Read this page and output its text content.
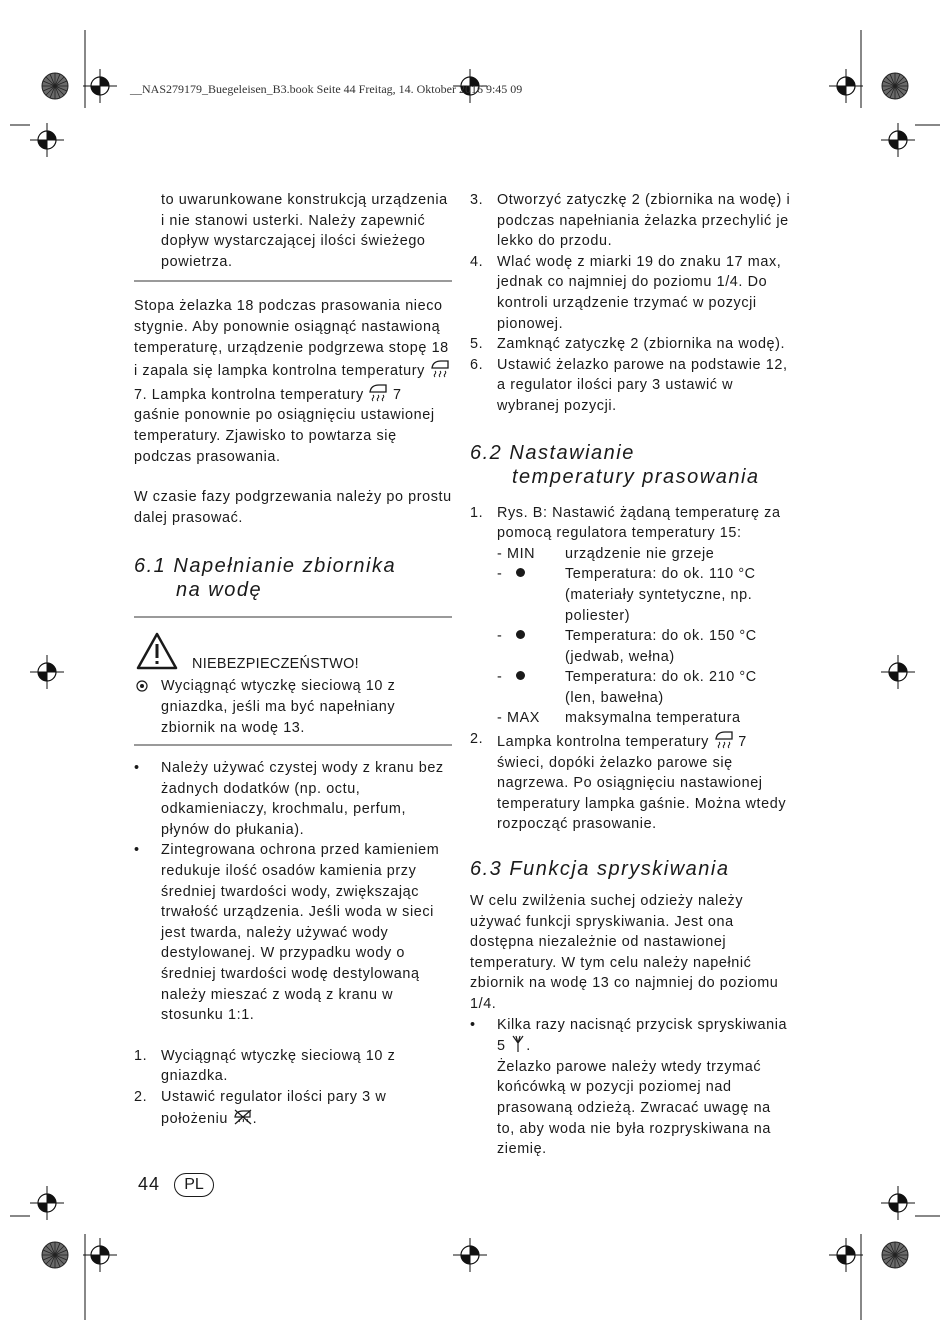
__NAS279179_Buegeleisen_B3.book Seite 44 Freitag, 14. Oktober 2016 9:45 09

to uwarunkowane konstrukcją urządzenia i nie stanowi usterki. Należy zapewnić dopływ wystarczającej ilości świeżego powietrza.

Stopa żelazka 18 podczas prasowania nieco stygnie. Aby ponownie osiągnąć nastawioną temperaturę, urządzenie podgrzewa stopę 18 i zapala się lampka kontrolna temperatury  7. Lampka kontrolna temperatury 7 gaśnie ponownie po osiągnięciu ustawionej temperatury. Zjawisko to powtarza się podczas prasowania.

W czasie fazy podgrzewania należy po prostu dalej prasować.

6.1 Napełnianie zbiornika
na wodę
NIEBEZPIECZEŃSTWO!
Wyciągnąć wtyczkę sieciową 10 z gniazdka, jeśli ma być napełniany zbiornik na wodę 13.
• Należy używać czystej wody z kranu bez żadnych dodatków (np. octu, odkamieniaczy, krochmalu, perfum, płynów do płukania).
• Zintegrowana ochrona przed kamieniem redukuje ilość osadów kamienia przy średniej twardości wody, zwiększając trwałość urządzenia. Jeśli woda w sieci jest twarda, należy używać wody destylowanej. W przypadku wody o średniej twardości wodę destylowaną należy mieszać z wodą z kranu w stosunku 1:1.
1. Wyciągnąć wtyczkę sieciową 10 z gniazdka.
2. Ustawić regulator ilości pary 3 w położeniu .
3. Otworzyć zatyczkę 2 (zbiornika na wodę) i podczas napełniania żelazka przechylić je lekko do przodu.
4. Wlać wodę z miarki 19 do znaku 17 max, jednak co najmniej do poziomu 1/4. Do kontroli urządzenie trzymać w pozycji pionowej.
5. Zamknąć zatyczkę 2 (zbiornika na wodę).
6. Ustawić żelazko parowe na podstawie 12, a regulator ilości pary 3 ustawić w wybranej pozycji.
6.2 Nastawianie
temperatury prasowania
1. Rys. B: Nastawić żądaną temperaturę za pomocą regulatora temperatury 15:
- MIN urządzenie nie grzeje
-	Temperatura: do ok. 110 °C (materiały syntetyczne, np. poliester)
-	Temperatura: do ok. 150 °C (jedwab, wełna)
-	Temperatura: do ok. 210 °C (len, bawełna)
- MAX maksymalna temperatura
2. Lampka kontrolna temperatury 7 świeci, dopóki żelazko parowe się nagrzewa. Po osiągnięciu nastawionej temperatury lampka gaśnie. Można wtedy rozpocząć prasowanie.
6.3 Funkcja spryskiwania

W celu zwilżenia suchej odzieży należy używać funkcji spryskiwania. Jest ona dostępna niezależnie od nastawionej temperatury. W tym celu należy napełnić zbiornik na wodę 13 co najmniej do poziomu 1/4.

• Kilka razy nacisnąć przycisk spryskiwania 5 .
Żelazko parowe należy wtedy trzymać końcówką w pozycji poziomej nad prasowaną odzieżą. Zwracać uwagę na to, aby woda nie była rozpryskiwana na ziemię.
44	PL
